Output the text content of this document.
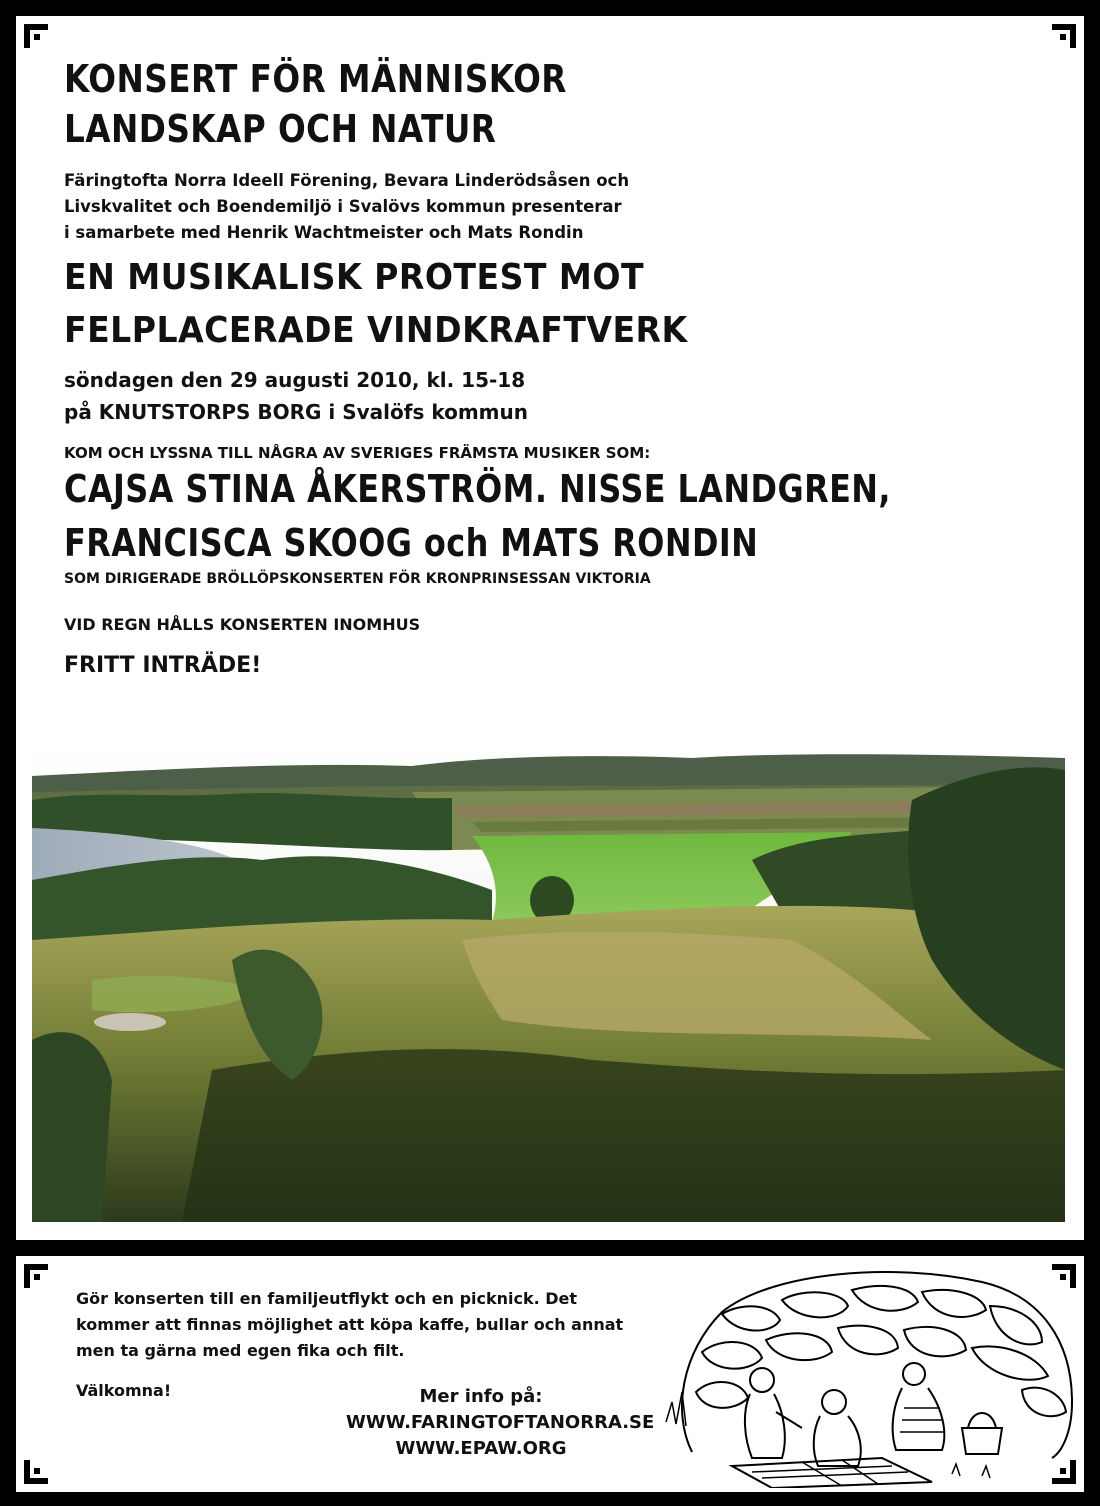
KONSERT FÖR MÄNNISKOR
LANDSKAP OCH NATUR
Färingtofta Norra Ideell Förening, Bevara Linderödsåsen och
Livskvalitet och Boendemiljö i Svalövs kommun presenterar
i samarbete med Henrik Wachtmeister och Mats Rondin
EN MUSIKALISK PROTEST MOT
FELPLACERADE VINDKRAFTVERK
söndagen den 29 augusti 2010, kl. 15-18
på KNUTSTORPS BORG i Svalöfs kommun
KOM OCH LYSSNA TILL NÅGRA AV SVERIGES FRÄMSTA MUSIKER SOM:
CAJSA STINA ÅKERSTRÖM. NISSE LANDGREN,
FRANCISCA SKOOG och MATS RONDIN
SOM DIRIGERADE BRÖLLÖPSKONSERTEN FÖR KRONPRINSESSAN VIKTORIA
VID REGN HÅLLS KONSERTEN INOMHUS
FRITT INTRÄDE!
Gör konserten till en familjeutflykt och en picknick. Det
kommer att finnas möjlighet att köpa kaffe, bullar och annat
men ta gärna med egen fika och filt.
Välkomna!	Mer info på:
WWW.FARINGTOFTANORRA.SE
WWW.EPAW.ORG
